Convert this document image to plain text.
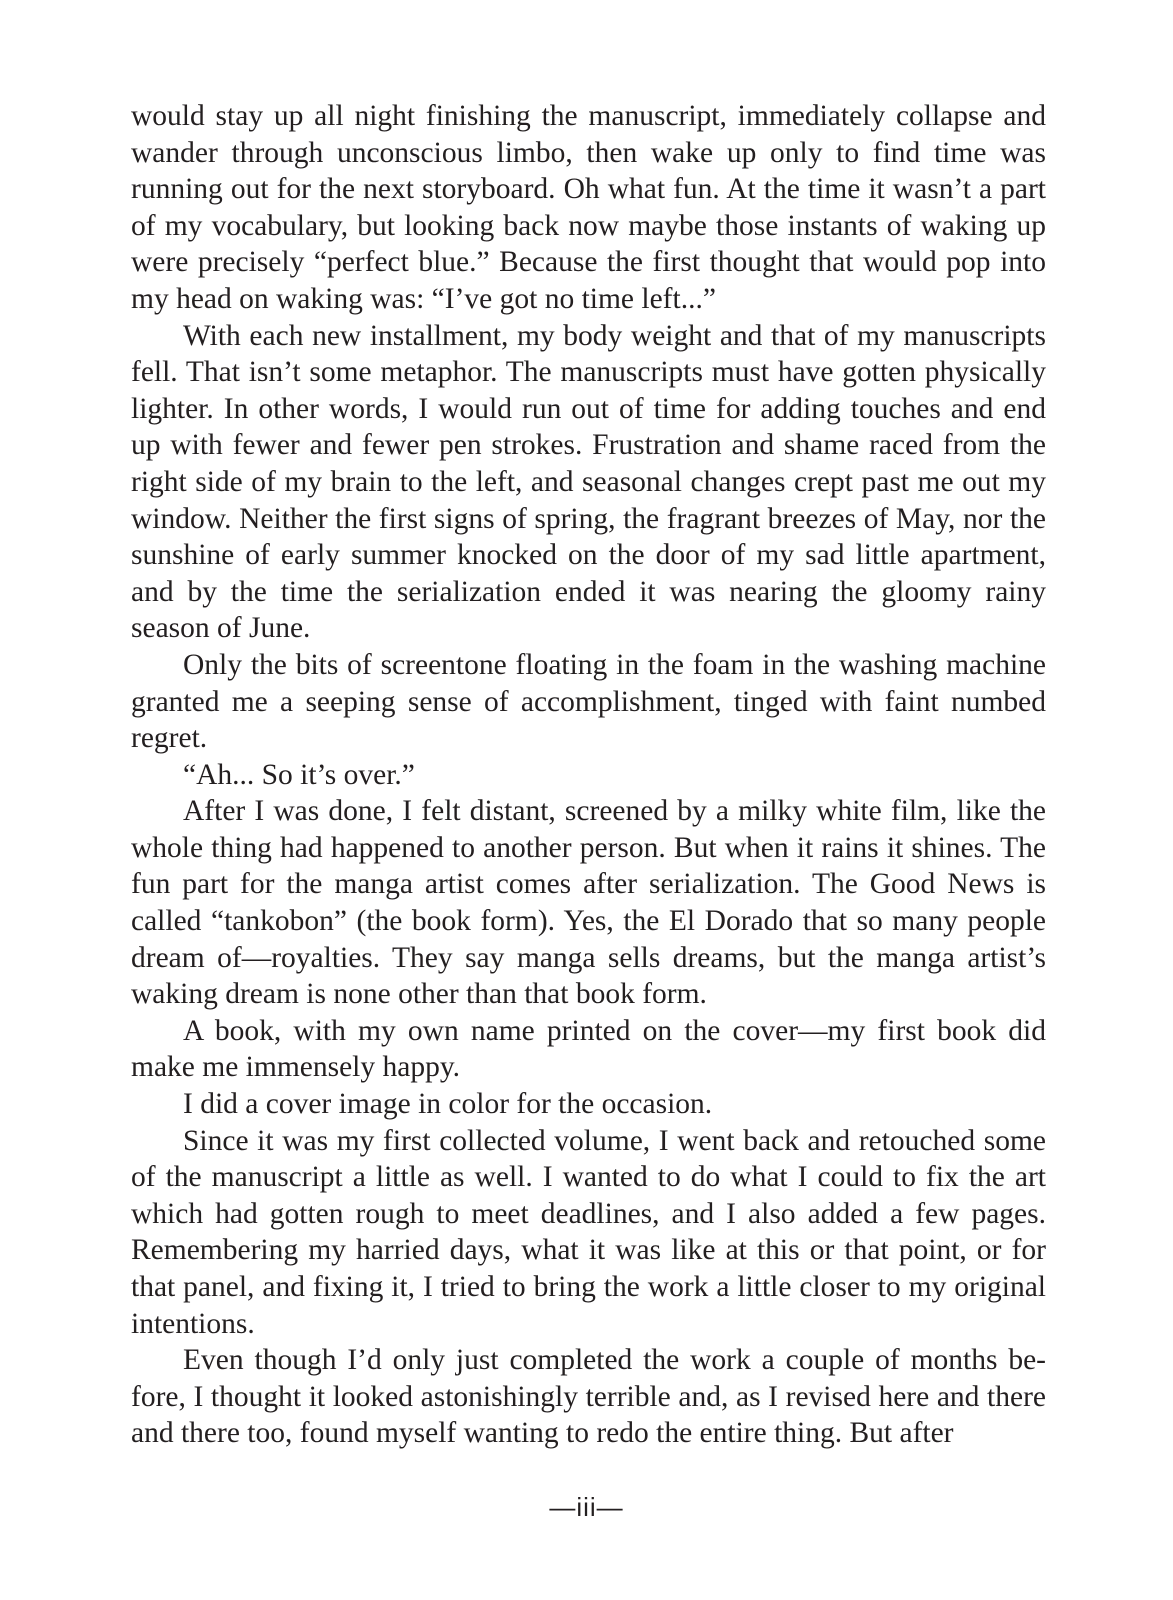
would stay up all night finishing the manuscript, immediately collapse and wander through unconscious limbo, then wake up only to find time was running out for the next storyboard. Oh what fun. At the time it wasn’t a part of my vocabulary, but looking back now maybe those instants of waking up were precisely “perfect blue.” Because the first thought that would pop into my head on waking was: “I’ve got no time left...”

With each new installment, my body weight and that of my manuscripts fell. That isn’t some metaphor. The manuscripts must have gotten physically lighter. In other words, I would run out of time for adding touches and end up with fewer and fewer pen strokes. Frustration and shame raced from the right side of my brain to the left, and seasonal changes crept past me out my window. Neither the first signs of spring, the fragrant breezes of May, nor the sunshine of early summer knocked on the door of my sad little apartment, and by the time the serialization ended it was nearing the gloomy rainy season of June.

Only the bits of screentone floating in the foam in the washing machine granted me a seeping sense of accomplishment, tinged with faint numbed regret.

“Ah... So it’s over.”

After I was done, I felt distant, screened by a milky white film, like the whole thing had happened to another person. But when it rains it shines. The fun part for the manga artist comes after serialization. The Good News is called “tankobon” (the book form). Yes, the El Dorado that so many people dream of—royalties. They say manga sells dreams, but the manga artist’s waking dream is none other than that book form.

A book, with my own name printed on the cover—my first book did make me immensely happy.

I did a cover image in color for the occasion.

Since it was my first collected volume, I went back and retouched some of the manuscript a little as well. I wanted to do what I could to fix the art which had gotten rough to meet deadlines, and I also added a few pages. Remembering my harried days, what it was like at this or that point, or for that panel, and fixing it, I tried to bring the work a little closer to my original intentions.

Even though I’d only just completed the work a couple of months before, I thought it looked astonishingly terrible and, as I revised here and there and there too, found myself wanting to redo the entire thing. But after

—iii—
